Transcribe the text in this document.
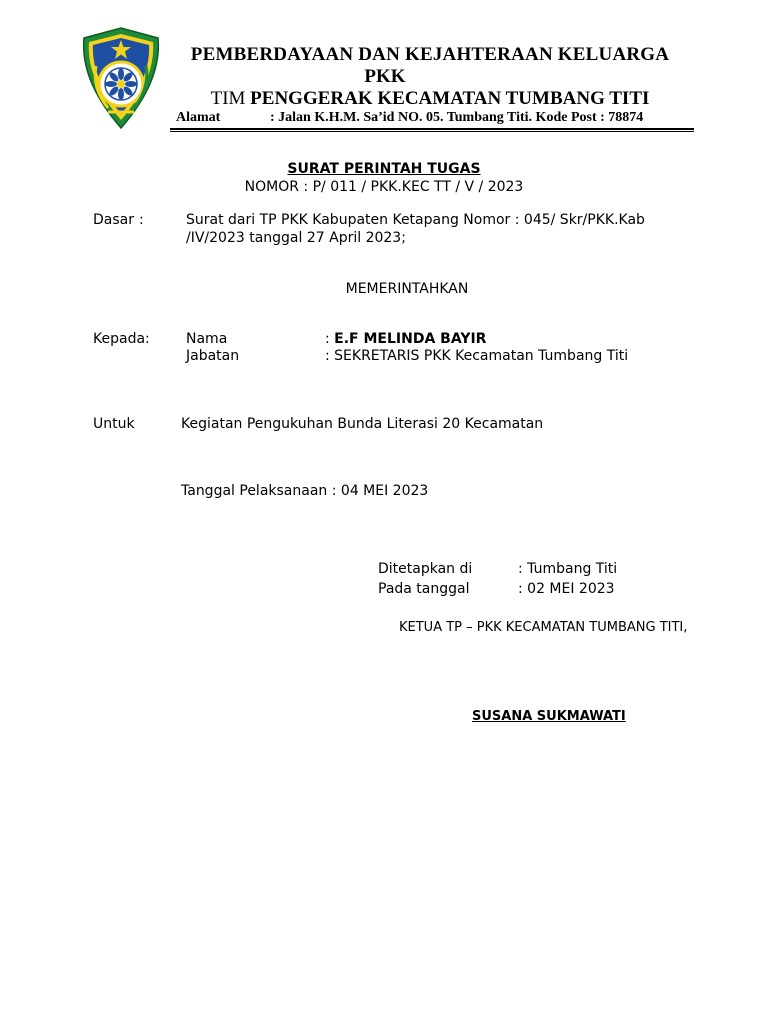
PEMBERDAYAAN DAN KEJAHTERAAN KELUARGA
PKK
TIM PENGGERAK KECAMATAN TUMBANG TITI
Alamat	: Jalan K.H.M. Sa’id NO. 05. Tumbang Titi. Kode Post : 78874
SURAT PERINTAH TUGAS
NOMOR : P/ 011 / PKK.KEC TT / V / 2023
Dasar :	Surat dari TP PKK Kabupaten Ketapang Nomor : 045/ Skr/PKK.Kab
/IV/2023 tanggal 27 April 2023;
MEMERINTAHKAN
Kepada:	Nama	: E.F MELINDA BAYIR
Jabatan	: SEKRETARIS PKK Kecamatan Tumbang Titi
Untuk	Kegiatan Pengukuhan Bunda Literasi 20 Kecamatan
Tanggal Pelaksanaan : 04 MEI 2023
Ditetapkan di	: Tumbang Titi
Pada tanggal	: 02 MEI 2023
KETUA TP – PKK KECAMATAN TUMBANG TITI,
SUSANA SUKMAWATI
